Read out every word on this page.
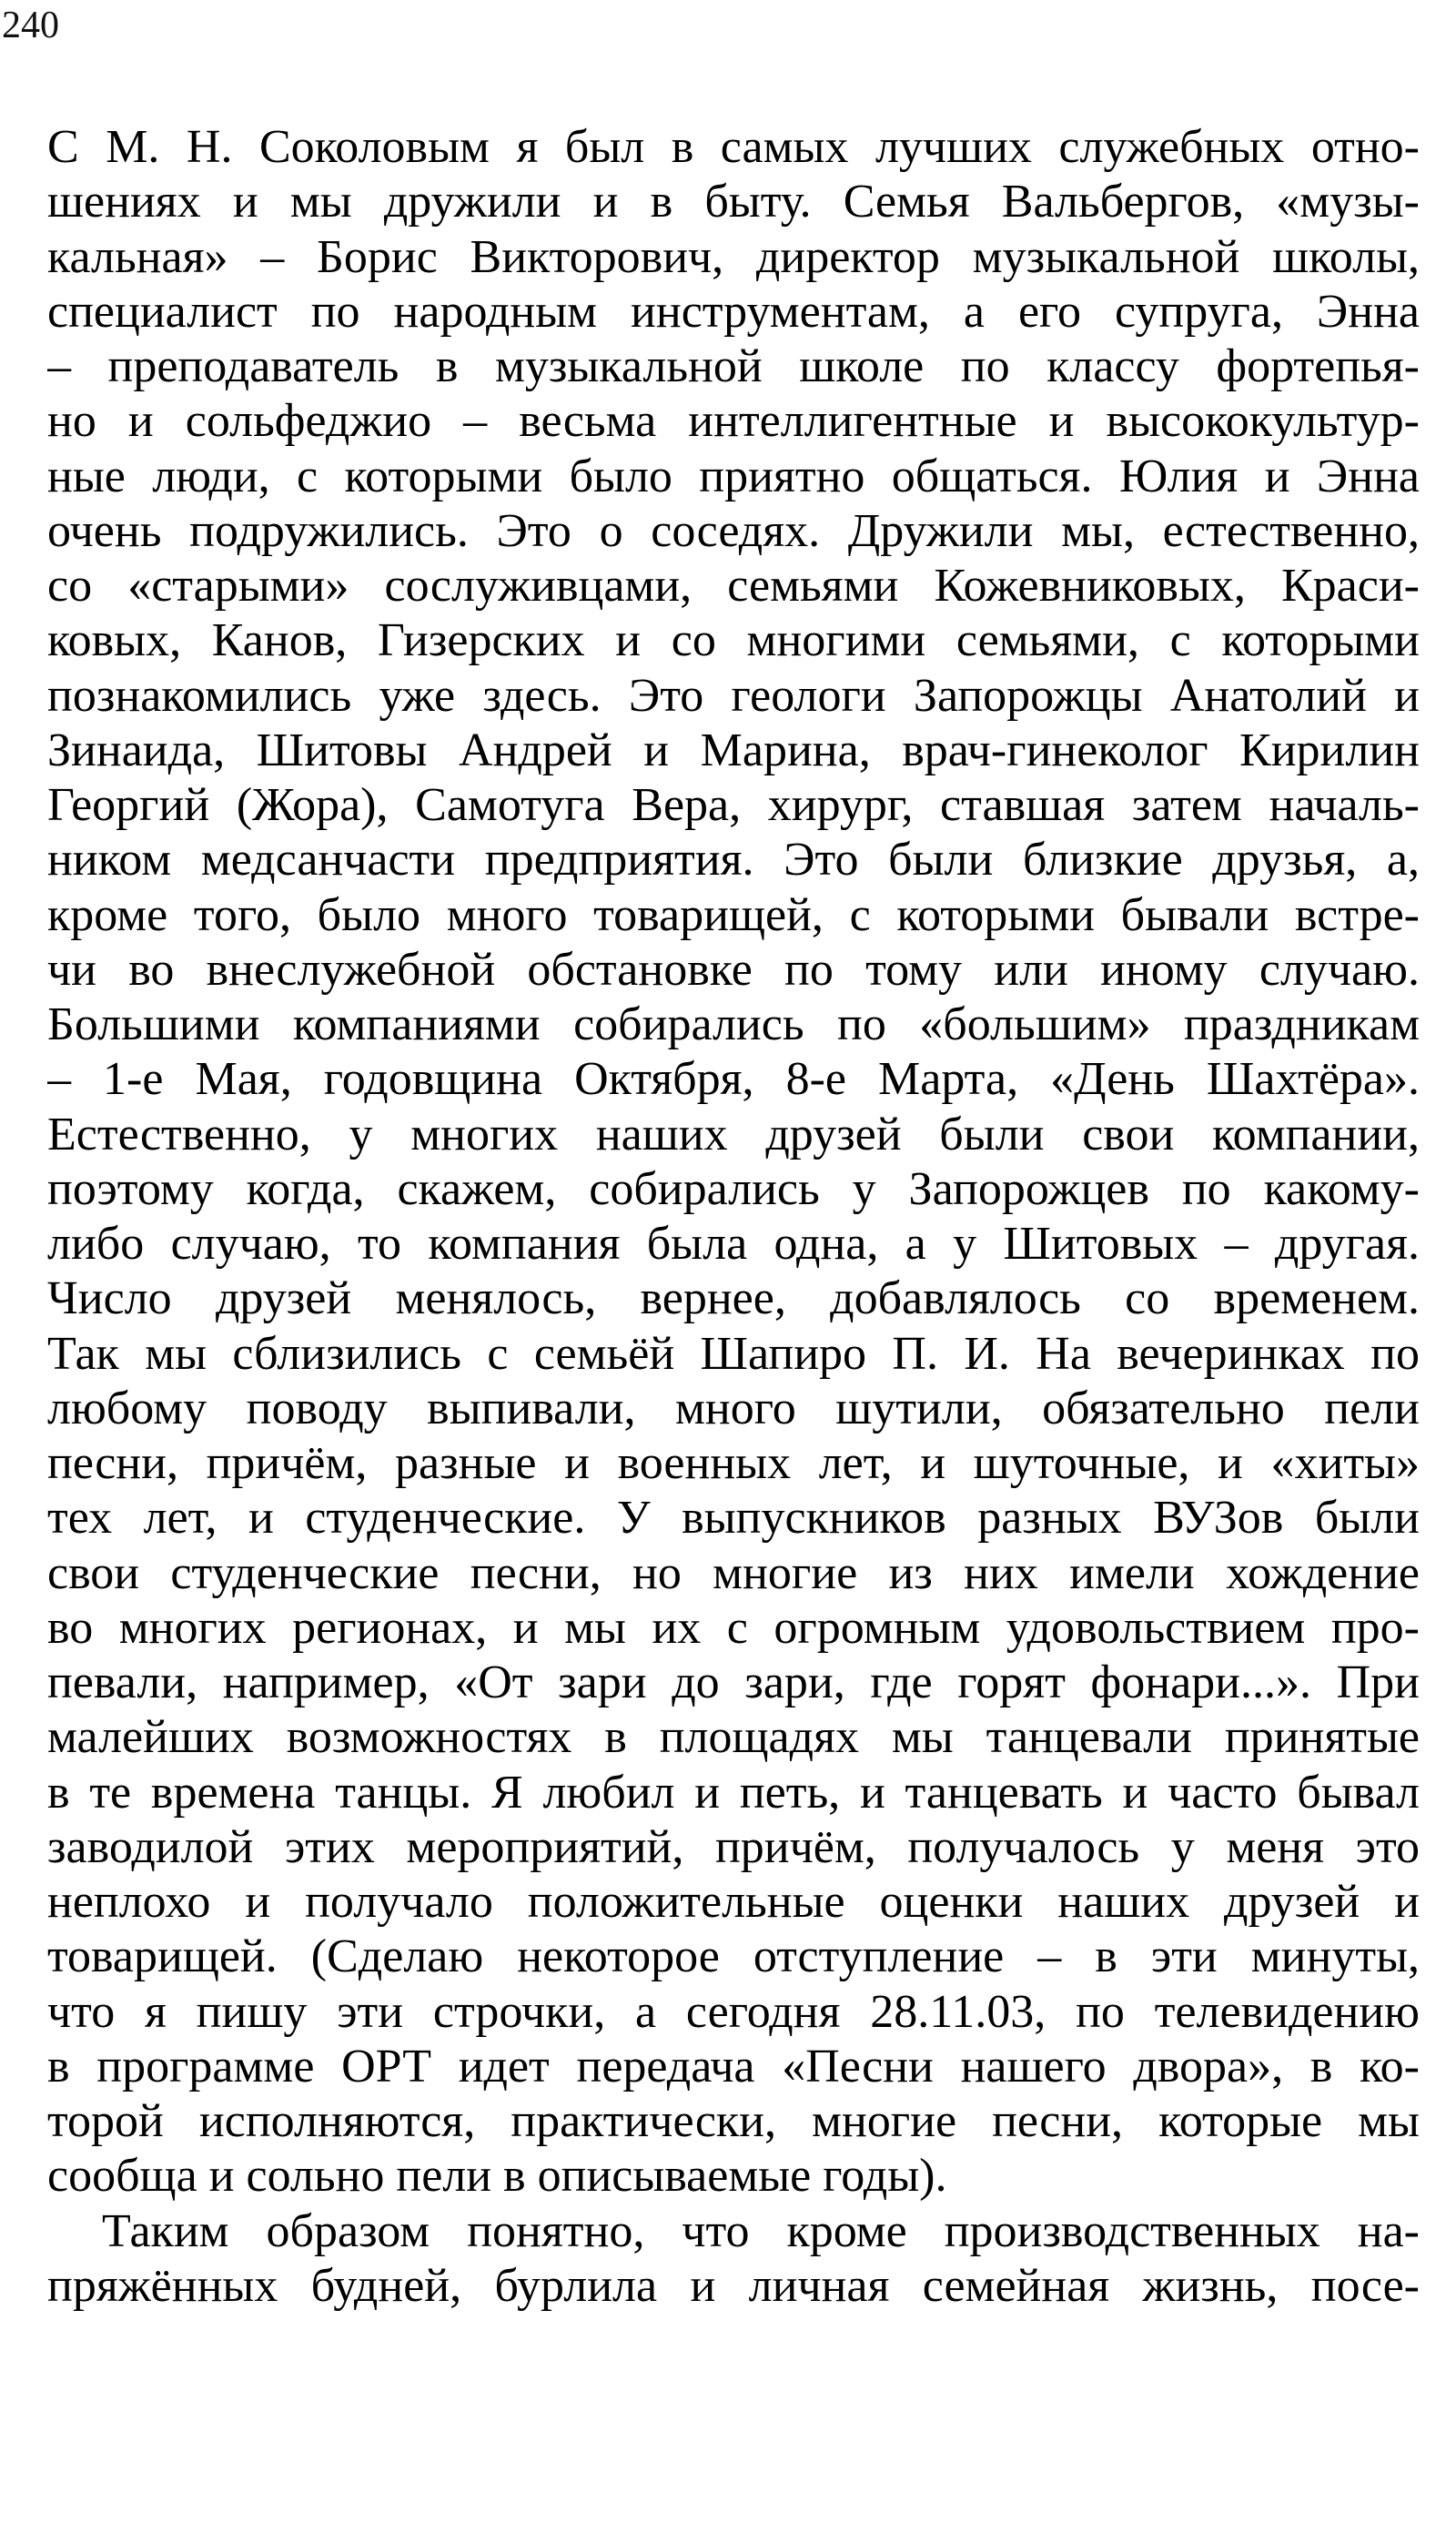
240
С М. Н. Соколовым я был в самых лучших служебных отно-
шениях и мы дружили и в быту. Семья Вальбергов, «музы-
кальная» – Борис Викторович, директор музыкальной школы,
специалист по народным инструментам, а его супруга, Энна
– преподаватель в музыкальной школе по классу фортепья-
но и сольфеджио – весьма интеллигентные и высококультур-
ные люди, с которыми было приятно общаться. Юлия и Энна
очень подружились. Это о соседях. Дружили мы, естественно,
со «старыми» сослуживцами, семьями Кожевниковых, Краси-
ковых, Канов, Гизерских и со многими семьями, с которыми
познакомились уже здесь. Это геологи Запорожцы Анатолий и
Зинаида, Шитовы Андрей и Марина, врач-гинеколог Кирилин
Георгий (Жора), Самотуга Вера, хирург, ставшая затем началь-
ником медсанчасти предприятия. Это были близкие друзья, а,
кроме того, было много товарищей, с которыми бывали встре-
чи во внеслужебной обстановке по тому или иному случаю.
Большими компаниями собирались по «большим» праздникам
– 1-е Мая, годовщина Октября, 8-е Марта, «День Шахтёра».
Естественно, у многих наших друзей были свои компании,
поэтому когда, скажем, собирались у Запорожцев по какому-
либо случаю, то компания была одна, а у Шитовых – другая.
Число друзей менялось, вернее, добавлялось со временем.
Так мы сблизились с семьёй Шапиро П. И. На вечеринках по
любому поводу выпивали, много шутили, обязательно пели
песни, причём, разные и военных лет, и шуточные, и «хиты»
тех лет, и студенческие. У выпускников разных ВУЗов были
свои студенческие песни, но многие из них имели хождение
во многих регионах, и мы их с огромным удовольствием про-
певали, например, «От зари до зари, где горят фонари...». При
малейших возможностях в площадях мы танцевали принятые
в те времена танцы. Я любил и петь, и танцевать и часто бывал
заводилой этих мероприятий, причём, получалось у меня это
неплохо и получало положительные оценки наших друзей и
товарищей. (Сделаю некоторое отступление – в эти минуты,
что я пишу эти строчки, а сегодня 28.11.03, по телевидению
в программе ОРТ идет передача «Песни нашего двора», в ко-
торой исполняются, практически, многие песни, которые мы
сообща и сольно пели в описываемые годы).
Таким образом понятно, что кроме производственных на-
пряжённых будней, бурлила и личная семейная жизнь, посе-
